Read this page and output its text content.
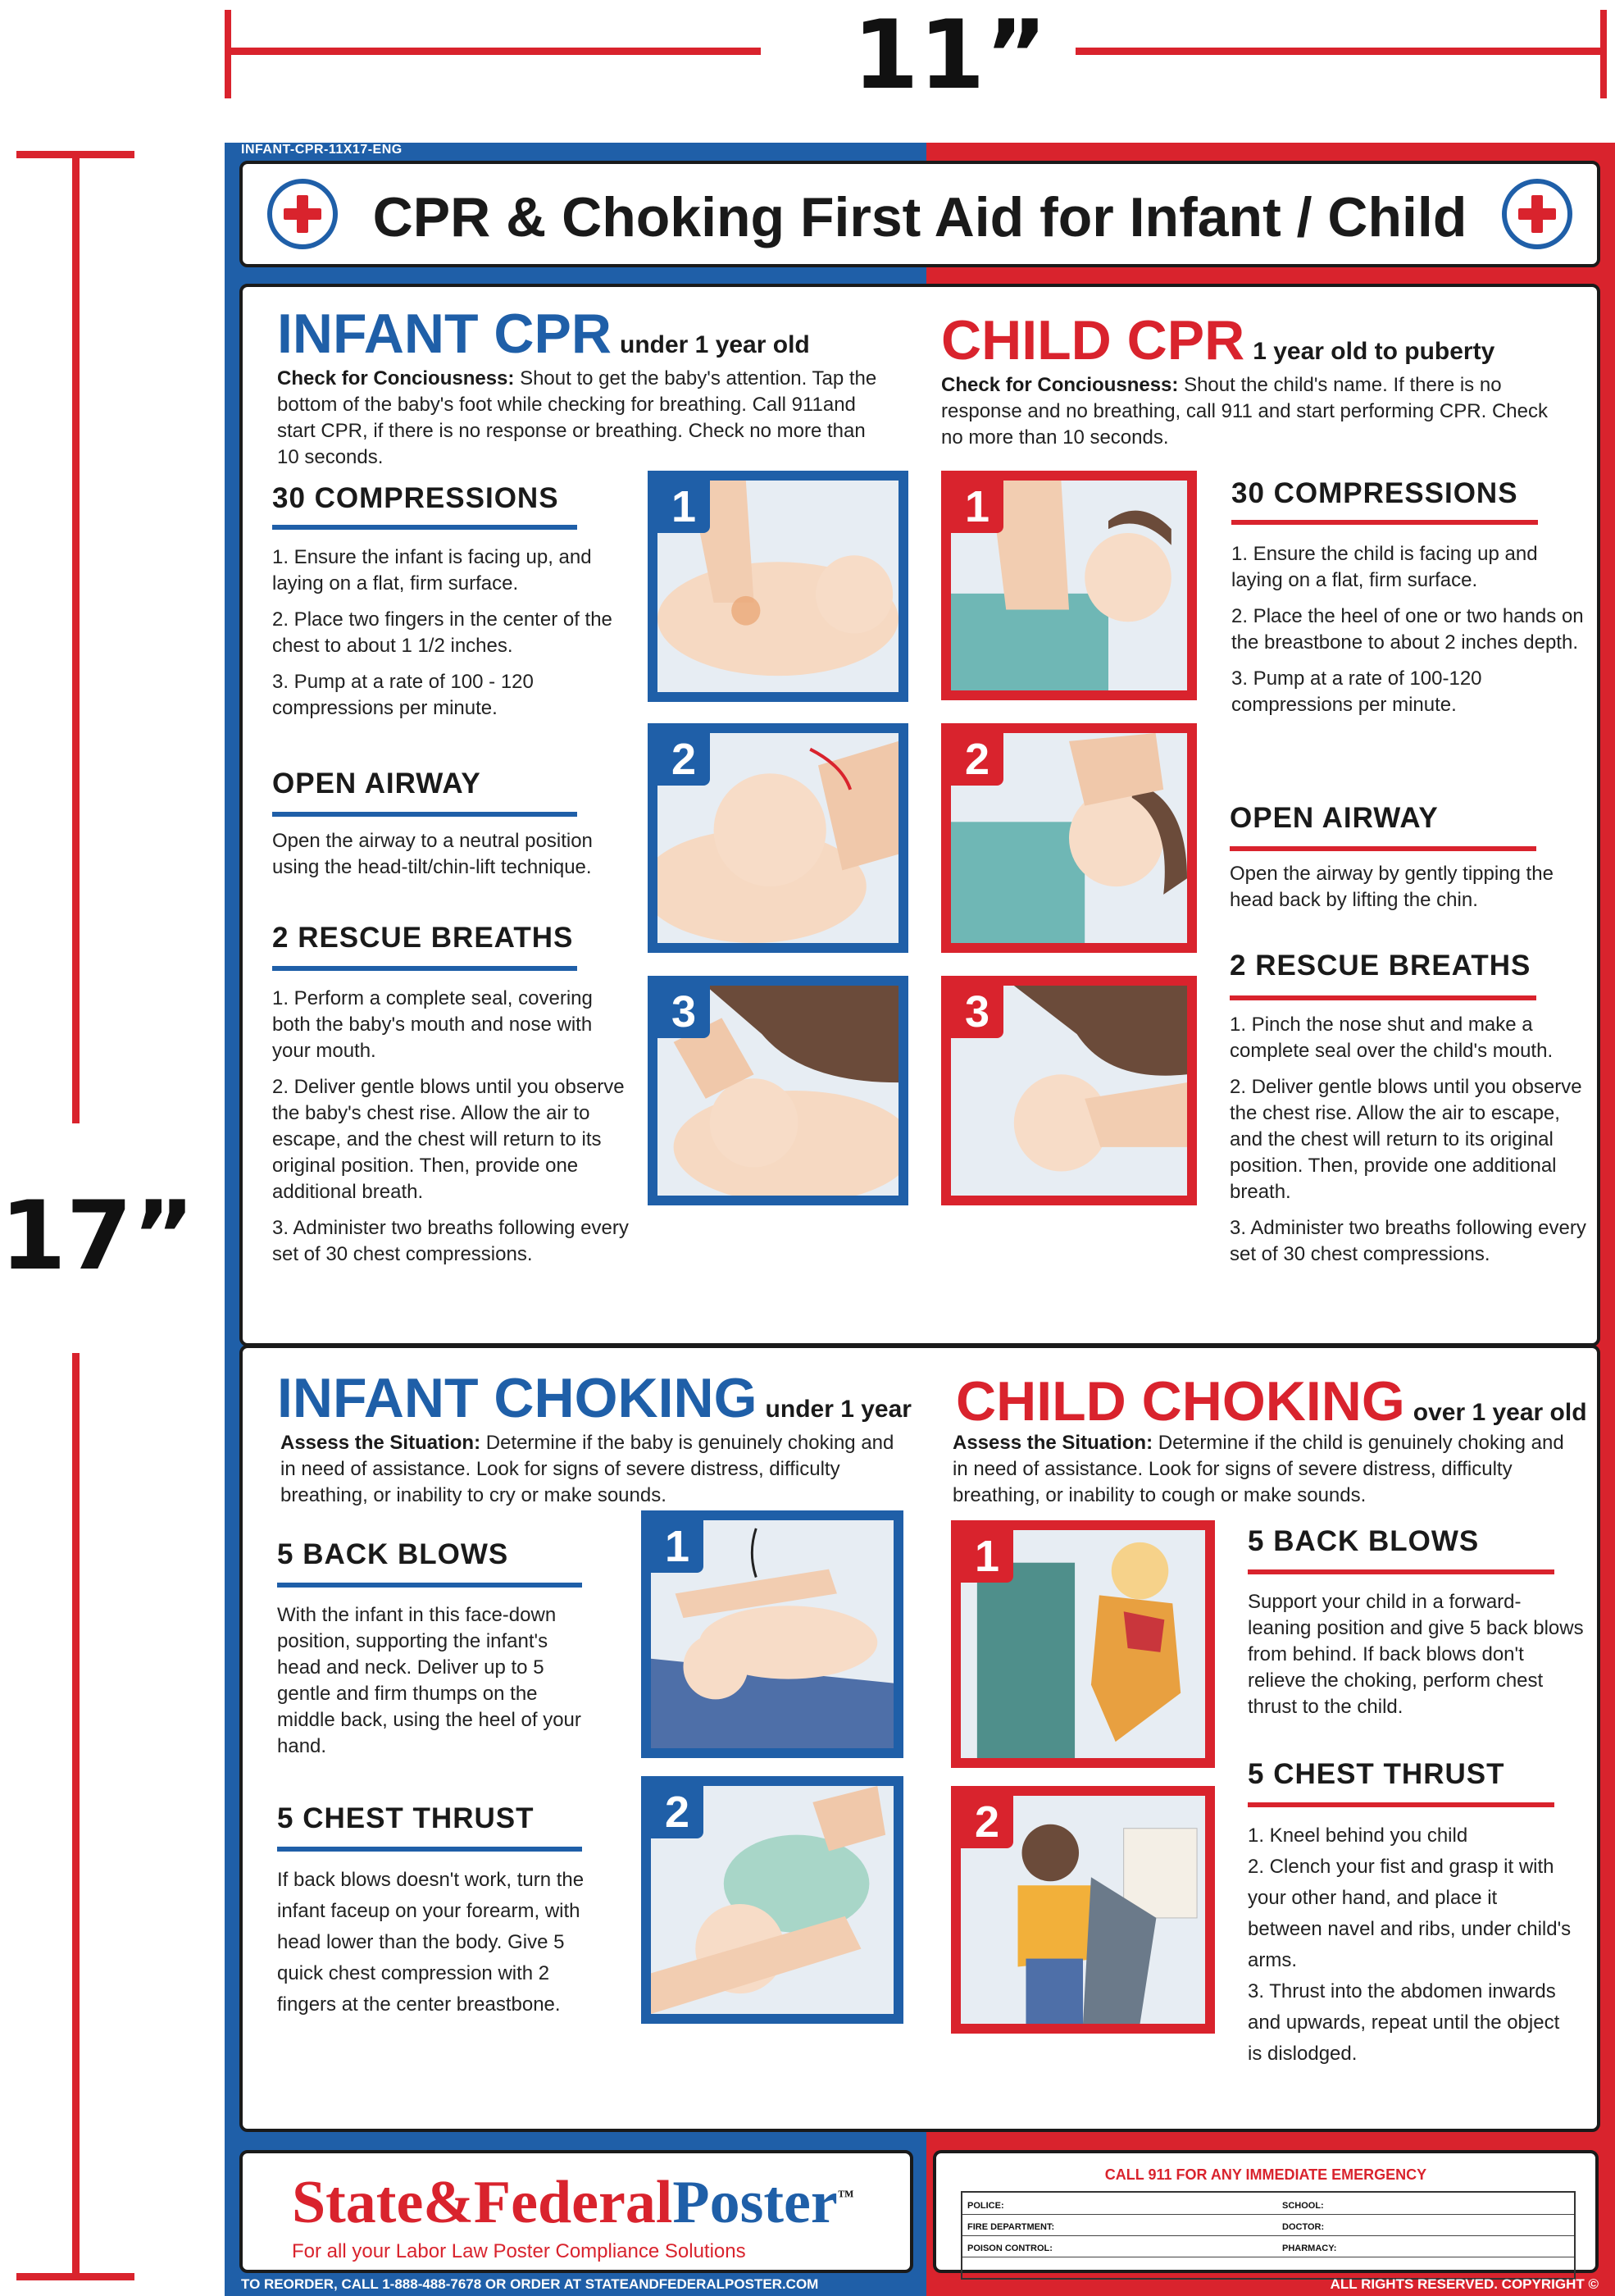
11”
17”
INFANT-CPR-11X17-ENG
CPR & Choking First Aid for Infant / Child
INFANT CPR under 1 year old
Check for Conciousness: Shout to get the baby's attention. Tap the bottom of the baby's foot while checking for breathing. Call 911and start CPR, if there is no response or breathing. Check no more than 10 seconds.
30 COMPRESSIONS

1. Ensure the infant is facing up, and laying on a flat, firm surface.

2. Place two fingers in the center of the chest to about 1 1/2 inches.

3. Pump at a rate of 100 - 120 compressions per minute.

OPEN AIRWAY
Open the airway to a neutral position using the head-tilt/chin-lift technique.
2 RESCUE BREATHS

1. Perform a complete seal, covering both the baby's mouth and nose with your mouth.

2. Deliver gentle blows until you observe the baby's chest rise. Allow the air to escape, and the chest will return to its original position. Then, provide one additional breath.

3. Administer two breaths following every set of 30 chest compressions.

1
2
3
CHILD CPR 1 year old to puberty
Check for Conciousness: Shout the child's name. If there is no response and no breathing, call 911 and start performing CPR. Check no more than 10 seconds.
1
2
3
30 COMPRESSIONS

1. Ensure the child is facing up and laying on a flat, firm surface.

2. Place the heel of one or two hands on the breastbone to about 2 inches depth.

3. Pump at a rate of 100-120 compressions per minute.

OPEN AIRWAY
Open the airway by gently tipping the head back by lifting the chin.
2 RESCUE BREATHS

1. Pinch the nose shut and make a complete seal over the child's mouth.

2. Deliver gentle blows until you observe the chest rise. Allow the air to escape, and the chest will return to its original position. Then, provide one additional breath.

3. Administer two breaths following every set of 30 chest compressions.

INFANT CHOKING under 1 year
Assess the Situation: Determine if the baby is genuinely choking and in need of assistance. Look for signs of severe distress, difficulty breathing, or inability to cry or make sounds.
5 BACK BLOWS
With the infant in this face-down position, supporting the infant's head and neck. Deliver up to 5 gentle and firm thumps on the middle back, using the heel of your hand.
5 CHEST THRUST
If back blows doesn't work, turn the infant faceup on your forearm, with head lower than the body. Give 5 quick chest compression with 2 fingers at the center breastbone.
1
2
CHILD CHOKING over 1 year old
Assess the Situation: Determine if the child is genuinely choking and in need of assistance. Look for signs of severe distress, difficulty breathing, or inability to cough or make sounds.
1
2
5 BACK BLOWS
Support your child in a forward-leaning position and give 5 back blows from behind. If back blows don't relieve the choking, perform chest thrust to the child.
5 CHEST THRUST
1. Kneel behind you child
2. Clench your fist and grasp it with your other hand, and place it between navel and ribs, under child's arms.
3. Thrust into the abdomen inwards and upwards, repeat until the object is dislodged.
State&FederalPoster™
For all your Labor Law Poster Compliance Solutions
CALL 911 FOR ANY IMMEDIATE EMERGENCY
POLICE:
FIRE DEPARTMENT:
POISON CONTROL:
SCHOOL:
DOCTOR:
PHARMACY:
TO REORDER, CALL 1-888-488-7678 OR ORDER AT STATEANDFEDERALPOSTER.COM	ALL RIGHTS RESERVED. COPYRIGHT ©
